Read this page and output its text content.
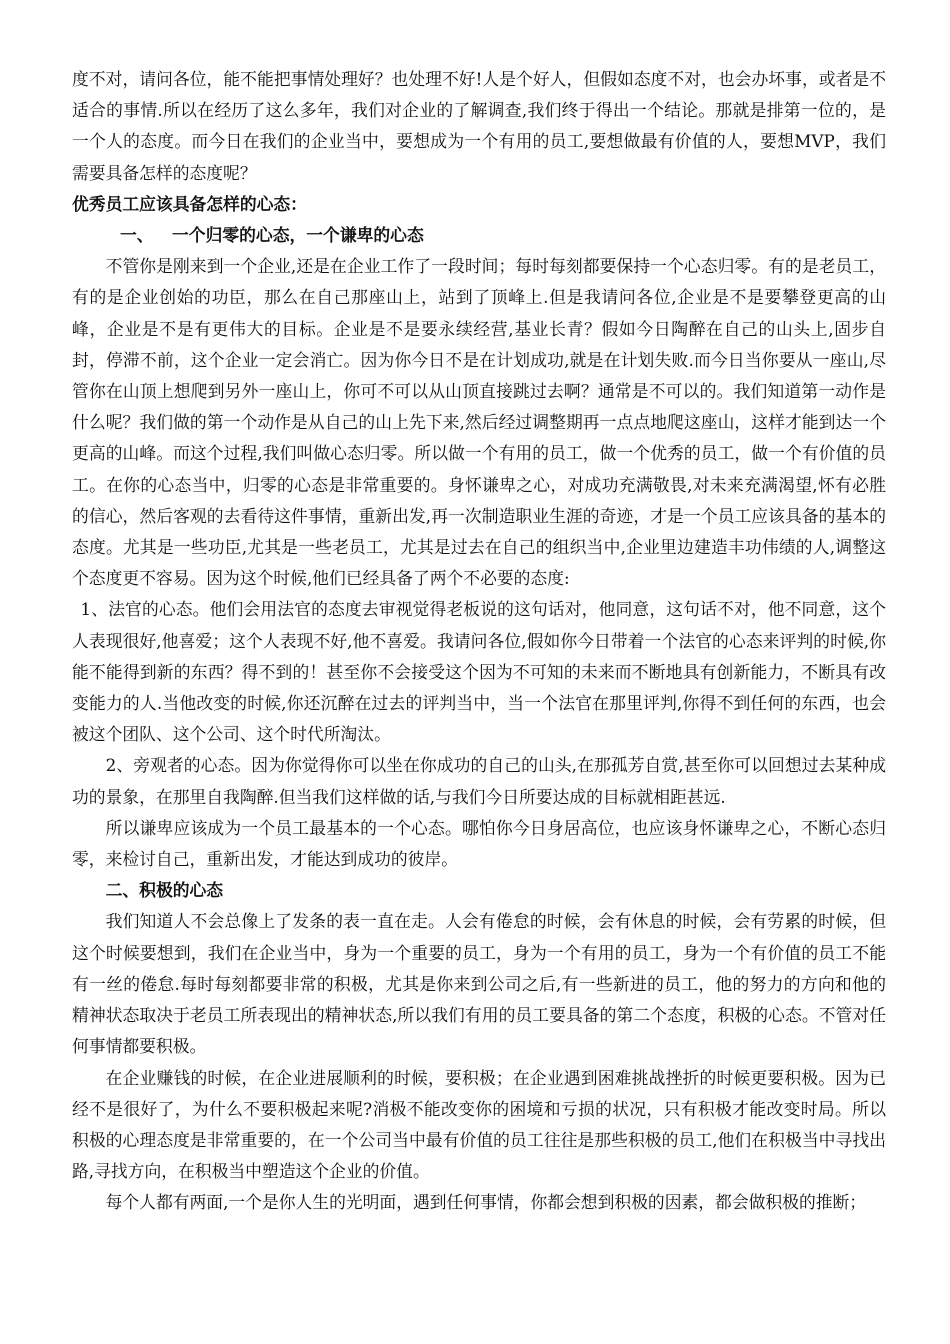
度不对，请问各位，能不能把事情处理好？也处理不好!人是个好人，但假如态度不对，也会办坏事，或者是不适合的事情.所以在经历了这么多年，我们对企业的了解调查,我们终于得出一个结论。那就是排第一位的，是一个人的态度。而今日在我们的企业当中，要想成为一个有用的员工,要想做最有价值的人，要想MVP，我们需要具备怎样的态度呢？

优秀员工应该具备怎样的心态：

一、 一个归零的心态，一个谦卑的心态

不管你是刚来到一个企业,还是在企业工作了一段时间；每时每刻都要保持一个心态归零。有的是老员工，有的是企业创始的功臣，那么在自己那座山上，站到了顶峰上.但是我请问各位,企业是不是要攀登更高的山峰，企业是不是有更伟大的目标。企业是不是要永续经营,基业长青？假如今日陶醉在自己的山头上,固步自封，停滞不前，这个企业一定会消亡。因为你今日不是在计划成功,就是在计划失败.而今日当你要从一座山,尽管你在山顶上想爬到另外一座山上，你可不可以从山顶直接跳过去啊？通常是不可以的。我们知道第一动作是什么呢？我们做的第一个动作是从自己的山上先下来,然后经过调整期再一点点地爬这座山，这样才能到达一个更高的山峰。而这个过程,我们叫做心态归零。所以做一个有用的员工，做一个优秀的员工，做一个有价值的员工。在你的心态当中，归零的心态是非常重要的。身怀谦卑之心，对成功充满敬畏,对未来充满渴望,怀有必胜的信心，然后客观的去看待这件事情，重新出发,再一次制造职业生涯的奇迹，才是一个员工应该具备的基本的态度。尤其是一些功臣,尤其是一些老员工，尤其是过去在自己的组织当中,企业里边建造丰功伟绩的人,调整这个态度更不容易。因为这个时候,他们已经具备了两个不必要的态度:

1、法官的心态。他们会用法官的态度去审视觉得老板说的这句话对，他同意，这句话不对，他不同意，这个人表现很好,他喜爱；这个人表现不好,他不喜爱。我请问各位,假如你今日带着一个法官的心态来评判的时候,你能不能得到新的东西？得不到的！甚至你不会接受这个因为不可知的未来而不断地具有创新能力，不断具有改变能力的人.当他改变的时候,你还沉醉在过去的评判当中，当一个法官在那里评判,你得不到任何的东西，也会被这个团队、这个公司、这个时代所淘汰。

2、旁观者的心态。因为你觉得你可以坐在你成功的自己的山头,在那孤芳自赏,甚至你可以回想过去某种成功的景象，在那里自我陶醉.但当我们这样做的话,与我们今日所要达成的目标就相距甚远.

所以谦卑应该成为一个员工最基本的一个心态。哪怕你今日身居高位，也应该身怀谦卑之心，不断心态归零，来检讨自己，重新出发，才能达到成功的彼岸。

二、积极的心态

我们知道人不会总像上了发条的表一直在走。人会有倦怠的时候，会有休息的时候，会有劳累的时候，但这个时候要想到，我们在企业当中，身为一个重要的员工，身为一个有用的员工，身为一个有价值的员工不能有一丝的倦怠.每时每刻都要非常的积极，尤其是你来到公司之后,有一些新进的员工，他的努力的方向和他的精神状态取决于老员工所表现出的精神状态,所以我们有用的员工要具备的第二个态度，积极的心态。不管对任何事情都要积极。

在企业赚钱的时候，在企业进展顺利的时候，要积极；在企业遇到困难挑战挫折的时候更要积极。因为已经不是很好了，为什么不要积极起来呢?消极不能改变你的困境和亏损的状况，只有积极才能改变时局。所以积极的心理态度是非常重要的，在一个公司当中最有价值的员工往往是那些积极的员工,他们在积极当中寻找出路,寻找方向，在积极当中塑造这个企业的价值。

每个人都有两面,一个是你人生的光明面，遇到任何事情，你都会想到积极的因素，都会做积极的推断；
